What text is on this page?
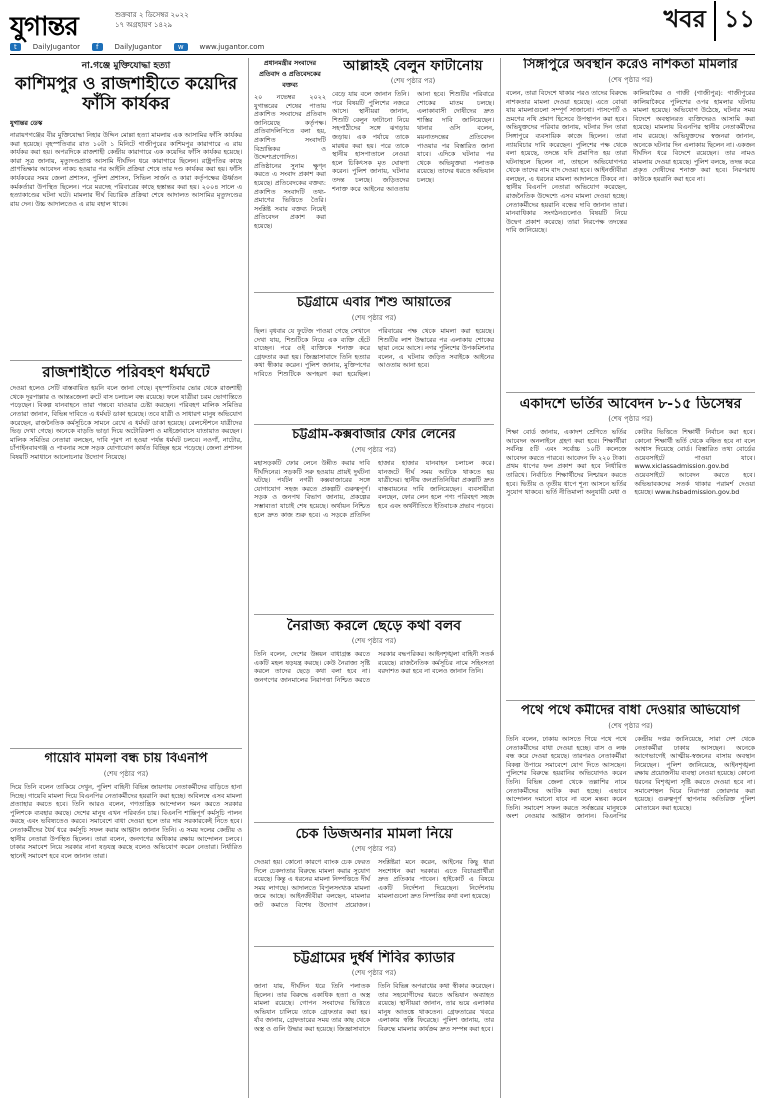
যুগান্তর	শুক্রবার ২ ডিসেম্বর ২০২২
১৭ অগ্রহায়ণ ১৪২৯	খবর ১১
t	DailyJugantor	f	DailyJugantor	w	www.jugantor.com
না.গঞ্জে মুক্তিযোদ্ধা হত্যা
কাশিমপুর ও রাজশাহীতে কয়েদির ফাঁসি কার্যকর
যুগান্তর ডেস্ক
নারায়ণগঞ্জের বীর মুক্তিযোদ্ধা নিহার উদ্দিন মোল্লা হত্যা মামলায় এক আসামির ফাঁসি কার্যকর করা হয়েছে। বৃহস্পতিবার রাত ১০টা ১ মিনিটে গাজীপুরের কাশিমপুর কারাগারে এ রায় কার্যকর করা হয়। অপরদিকে রাজশাহী কেন্দ্রীয় কারাগারে এক কয়েদির ফাঁসি কার্যকর হয়েছে। কারা সূত্র জানায়, মৃত্যুদণ্ডপ্রাপ্ত আসামি দীর্ঘদিন ধরে কারাগারে ছিলেন। রাষ্ট্রপতির কাছে প্রাণভিক্ষার আবেদন নাকচ হওয়ার পর আইনি প্রক্রিয়া শেষে তার দণ্ড কার্যকর করা হয়। ফাঁসি কার্যকরের সময় জেলা প্রশাসন, পুলিশ প্রশাসন, সিভিল সার্জন ও কারা কর্তৃপক্ষের ঊর্ধ্বতন কর্মকর্তারা উপস্থিত ছিলেন। পরে মরদেহ পরিবারের কাছে হস্তান্তর করা হয়। ২০০৪ সালে এ হত্যাকাণ্ডের ঘটনা ঘটে। মামলার দীর্ঘ বিচারিক প্রক্রিয়া শেষে আদালত আসামির মৃত্যুদণ্ডের রায় দেন। উচ্চ আদালতেও এ রায় বহাল থাকে।
রাজশাহীতে পরিবহণ ধর্মঘটে
দেওয়া হলেও সেটি বাস্তবায়িত হয়নি বলে জানা গেছে। বৃহস্পতিবার ভোর থেকে রাজশাহী থেকে দূরপাল্লার ও আন্তঃজেলা রুটে বাস চলাচল বন্ধ রয়েছে। ফলে যাত্রীরা চরম ভোগান্তিতে পড়েছেন। বিকল্প যানবাহনে তারা গন্তব্যে যাওয়ার চেষ্টা করছেন। পরিবহণ মালিক সমিতির নেতারা জানান, বিভিন্ন দাবিতে এ ধর্মঘট ডাকা হয়েছে। তবে যাত্রী ও সাধারণ মানুষ অভিযোগ করেছেন, রাজনৈতিক কর্মসূচিকে সামনে রেখে এ ধর্মঘট ডাকা হয়েছে। রেলস্টেশনে যাত্রীদের ভিড় দেখা গেছে। অনেকে বাড়তি ভাড়া দিয়ে অটোরিকশা ও মাইক্রোবাসে যাতায়াত করছেন। মালিক সমিতির নেতারা বলছেন, দাবি পূরণ না হওয়া পর্যন্ত ধর্মঘট চলবে। নওগাঁ, নাটোর, চাঁপাইনবাবগঞ্জ ও পাবনার সঙ্গে সড়ক যোগাযোগ কার্যত বিচ্ছিন্ন হয়ে পড়েছে। জেলা প্রশাসন বিষয়টি সমাধানে আলোচনার উদ্যোগ নিয়েছে।
গায়েবি মামলা বন্ধ চায় বিএনপি
(শেষ পৃষ্ঠার পর)
দিয়ে তিনি বলেন তাকিয়ে দেখুন, পুলিশ বাহিনী বিভিন্ন জায়গায় নেতাকর্মীদের বাড়িতে হানা দিচ্ছে। গায়েবি মামলা দিয়ে বিএনপির নেতাকর্মীদের হয়রানি করা হচ্ছে। অবিলম্বে এসব মামলা প্রত্যাহার করতে হবে। তিনি আরও বলেন, গণতান্ত্রিক আন্দোলন দমন করতে সরকার পুলিশকে ব্যবহার করছে। দেশের মানুষ এখন পরিবর্তন চায়। বিএনপি শান্তিপূর্ণ কর্মসূচি পালন করছে এবং ভবিষ্যতেও করবে। সমাবেশে বাধা দেওয়া হলে তার দায় সরকারকেই নিতে হবে। নেতাকর্মীদের ধৈর্য ধরে কর্মসূচি সফল করার আহ্বান জানান তিনি। এ সময় দলের কেন্দ্রীয় ও স্থানীয় নেতারা উপস্থিত ছিলেন। তারা বলেন, জনগণের অধিকার রক্ষায় আন্দোলন চলবে। ঢাকার সমাবেশ নিয়ে সরকার নানা ষড়যন্ত্র করছে বলেও অভিযোগ করেন নেতারা। নির্ধারিত স্থানেই সমাবেশ হবে বলে জানান তারা।
প্রধানমন্ত্রীর সংবাদের প্রতিবাদ ও প্রতিবেদকের বক্তব্য
২০ নভেম্বর ২০২২ যুগান্তরের শেষের পাতায় প্রকাশিত সংবাদের প্রতিবাদ জানিয়েছে কর্তৃপক্ষ। প্রতিবাদলিপিতে বলা হয়, প্রকাশিত সংবাদটি বিভ্রান্তিকর ও উদ্দেশ্যপ্রণোদিত। প্রতিষ্ঠানের সুনাম ক্ষুণ্ন করতে এ সংবাদ প্রকাশ করা হয়েছে। প্রতিবেদকের বক্তব্য: প্রকাশিত সংবাদটি তথ্য-প্রমাণের ভিত্তিতে তৈরি। সংশ্লিষ্ট সবার বক্তব্য নিয়েই প্রতিবেদন প্রকাশ করা হয়েছে।
আল্লাহই বেলুন ফাটানোয়
(শেষ পৃষ্ঠার পর)
বেড়ে যায় বলে জানান তিনি। পরে বিষয়টি পুলিশের নজরে আসে। স্থানীয়রা জানান, শিশুটি বেলুন ফাটানো নিয়ে সহপাঠীদের সঙ্গে ঝগড়ায় জড়ায়। এক পর্যায়ে তাকে মারধর করা হয়। পরে তাকে স্থানীয় হাসপাতালে নেওয়া হলে চিকিৎসক মৃত ঘোষণা করেন। পুলিশ জানায়, ঘটনার তদন্ত চলছে। জড়িতদের শনাক্ত করে আইনের আওতায় আনা হবে। শিশুটির পরিবারে শোকের মাতম চলছে। এলাকাবাসী দোষীদের দ্রুত শাস্তির দাবি জানিয়েছেন। থানার ওসি বলেন, ময়নাতদন্তের প্রতিবেদন পাওয়ার পর বিস্তারিত জানা যাবে। এদিকে ঘটনার পর থেকে অভিযুক্তরা পলাতক রয়েছে। তাদের ধরতে অভিযান চলছে।
চট্টগ্রামে এবার শিশু আয়াতের
(শেষ পৃষ্ঠার পর)
ছিল। বৃধবার যে ফুটেজ পাওয়া গেছে সেখানে দেখা যায়, শিশুটিকে নিয়ে এক ব্যক্তি হেঁটে যাচ্ছেন। পরে ওই ব্যক্তিকে শনাক্ত করে গ্রেফতার করা হয়। জিজ্ঞাসাবাদে তিনি হত্যার কথা স্বীকার করেন। পুলিশ জানায়, মুক্তিপণের দাবিতে শিশুটিকে অপহরণ করা হয়েছিল। পরিবারের পক্ষ থেকে মামলা করা হয়েছে। শিশুটির লাশ উদ্ধারের পর এলাকায় শোকের ছায়া নেমে আসে। নগর পুলিশের উপকমিশনার বলেন, এ ঘটনায় জড়িত সবাইকে আইনের আওতায় আনা হবে।
চট্টগ্রাম-কক্সবাজার ফোর লেনের
(শেষ পৃষ্ঠার পর)
মহাসড়কটি ফোর লেনে উন্নীত করার দাবি দীর্ঘদিনের। সড়কটি সরু হওয়ায় প্রায়ই দুর্ঘটনা ঘটছে। পর্যটন নগরী কক্সবাজারের সঙ্গে যোগাযোগ সহজ করতে প্রকল্পটি গুরুত্বপূর্ণ। সড়ক ও জনপথ বিভাগ জানায়, প্রকল্পের সম্ভাব্যতা যাচাই শেষ হয়েছে। অর্থায়ন নিশ্চিত হলে দ্রুত কাজ শুরু হবে। এ সড়কে প্রতিদিন হাজার হাজার যানবাহন চলাচল করে। যানজটে দীর্ঘ সময় আটকে থাকতে হয় যাত্রীদের। স্থানীয় জনপ্রতিনিধিরা প্রকল্পটি দ্রুত বাস্তবায়নের দাবি জানিয়েছেন। ব্যবসায়ীরা বলছেন, ফোর লেন হলে পণ্য পরিবহণ সহজ হবে এবং অর্থনীতিতে ইতিবাচক প্রভাব পড়বে।
নৈরাজ্য করলে ছেড়ে কথা বলব
(শেষ পৃষ্ঠার পর)
তিনি বলেন, দেশের উন্নয়ন বাধাগ্রস্ত করতে একটি মহল ষড়যন্ত্র করছে। কেউ নৈরাজ্য সৃষ্টি করলে তাদের ছেড়ে কথা বলা হবে না। জনগণের জানমালের নিরাপত্তা নিশ্চিত করতে সরকার বদ্ধপরিকর। আইনশৃঙ্খলা বাহিনী সতর্ক রয়েছে। রাজনৈতিক কর্মসূচির নামে সহিংসতা বরদাশত করা হবে না বলেও জানান তিনি।
চেক ডিজঅনার মামলা নিয়ে
(শেষ পৃষ্ঠার পর)
দেওয়া হয়। কোনো কারণে ব্যাংক চেক ফেরত দিলে চেকদাতার বিরুদ্ধে মামলা করার সুযোগ রয়েছে। কিন্তু এ ধরনের মামলা নিষ্পত্তিতে দীর্ঘ সময় লাগছে। আদালতে বিপুলসংখ্যক মামলা জমে আছে। আইনজীবীরা বলছেন, মামলার জট কমাতে বিশেষ উদ্যোগ প্রয়োজন। সংশ্লিষ্টরা মনে করেন, আইনের কিছু ধারা সংশোধন করা দরকার। এতে বিচারপ্রার্থীরা দ্রুত প্রতিকার পাবেন। হাইকোর্ট এ বিষয়ে একটি নির্দেশনা দিয়েছেন। নির্দেশনায় মামলাগুলো দ্রুত নিষ্পত্তির কথা বলা হয়েছে।
চট্টগ্রামের দুর্ধর্ষ শিবির ক্যাডার
(শেষ পৃষ্ঠার পর)
জানা যায়, দীর্ঘদিন ধরে তিনি পলাতক ছিলেন। তার বিরুদ্ধে একাধিক হত্যা ও অস্ত্র মামলা রয়েছে। গোপন সংবাদের ভিত্তিতে অভিযান চালিয়ে তাকে গ্রেফতার করা হয়। র্যাব জানায়, গ্রেফতারের সময় তার কাছ থেকে অস্ত্র ও গুলি উদ্ধার করা হয়েছে। জিজ্ঞাসাবাদে তিনি বিভিন্ন অপরাধের কথা স্বীকার করেছেন। তার সহযোগীদের ধরতে অভিযান অব্যাহত রয়েছে। স্থানীয়রা জানান, তার ভয়ে এলাকার মানুষ আতঙ্কে থাকতেন। গ্রেফতারের খবরে এলাকায় স্বস্তি ফিরেছে। পুলিশ জানায়, তার বিরুদ্ধে মামলার কার্যক্রম দ্রুত সম্পন্ন করা হবে।
সিঙ্গাপুরে অবস্থান করেও নাশকতা মামলার
(শেষ পৃষ্ঠার পর)
বলেন, তারা বিদেশে থাকার পরও তাদের বিরুদ্ধে নাশকতার মামলা দেওয়া হয়েছে। এতে বোঝা যায় মামলাগুলো সম্পূর্ণ সাজানো। পাসপোর্ট ও ভ্রমণের নথি প্রমাণ হিসেবে উপস্থাপন করা হবে। অভিযুক্তদের পরিবার জানায়, ঘটনার দিন তারা সিঙ্গাপুরে ব্যবসায়িক কাজে ছিলেন। তারা ন্যায়বিচার দাবি করেছেন। পুলিশের পক্ষ থেকে বলা হয়েছে, তদন্তে যদি প্রমাণিত হয় তারা ঘটনাস্থলে ছিলেন না, তাহলে অভিযোগপত্র থেকে তাদের নাম বাদ দেওয়া হবে। আইনজীবীরা বলছেন, এ ধরনের মামলা আদালতে টিকবে না। স্থানীয় বিএনপি নেতারা অভিযোগ করেছেন, রাজনৈতিক উদ্দেশ্যে এসব মামলা দেওয়া হচ্ছে। নেতাকর্মীদের হয়রানি বন্ধের দাবি জানান তারা। মানবাধিকার সংগঠনগুলোও বিষয়টি নিয়ে উদ্বেগ প্রকাশ করেছে। তারা নিরপেক্ষ তদন্তের দাবি জানিয়েছে।
কালিয়াকৈর ও গাজী (গাজীপুর): গাজীপুরের কালিয়াকৈরে পুলিশের ওপর হামলার ঘটনায় মামলা হয়েছে। অভিযোগ উঠেছে, ঘটনার সময় বিদেশে অবস্থানরত ব্যক্তিদেরও আসামি করা হয়েছে। মামলায় বিএনপির স্থানীয় নেতাকর্মীদের নাম রয়েছে। অভিযুক্তদের স্বজনরা জানান, অনেকে ঘটনার দিন এলাকায় ছিলেন না। একজন দীর্ঘদিন ধরে বিদেশে রয়েছেন। তার নামও মামলায় দেওয়া হয়েছে। পুলিশ বলছে, তদন্ত করে প্রকৃত দোষীদের শনাক্ত করা হবে। নিরপরাধ কাউকে হয়রানি করা হবে না।
একাদশে ভর্তির আবেদন ৮-১৫ ডিসেম্বর
(শেষ পৃষ্ঠার পর)
শিক্ষা বোর্ড জানায়, একাদশ শ্রেণিতে ভর্তির আবেদন অনলাইনে গ্রহণ করা হবে। শিক্ষার্থীরা সর্বনিম্ন ৫টি এবং সর্বোচ্চ ১০টি কলেজে আবেদন করতে পারবে। আবেদন ফি ২২০ টাকা। প্রথম ধাপের ফল প্রকাশ করা হবে নির্ধারিত তারিখে। নির্বাচিত শিক্ষার্থীদের নিশ্চায়ন করতে হবে। দ্বিতীয় ও তৃতীয় ধাপে শূন্য আসনে ভর্তির সুযোগ থাকবে। ভর্তি নীতিমালা অনুযায়ী মেধা ও কোটার ভিত্তিতে শিক্ষার্থী নির্বাচন করা হবে। কোনো শিক্ষার্থী ভর্তি থেকে বঞ্চিত হবে না বলে আশ্বাস দিয়েছে বোর্ড। বিস্তারিত তথ্য বোর্ডের ওয়েবসাইটে পাওয়া যাবে। www.xiclassadmission.gov.bd ওয়েবসাইটে আবেদন করতে হবে। অভিভাবকদের সতর্ক থাকার পরামর্শ দেওয়া হয়েছে। www.hsbadmission.gov.bd
পথে পথে কর্মীদের বাধা দেওয়ার অভিযোগ
(শেষ পৃষ্ঠার পর)
তিনি বলেন, ঢাকায় আসতে গিয়ে পথে পথে নেতাকর্মীদের বাধা দেওয়া হচ্ছে। বাস ও লঞ্চ বন্ধ করে দেওয়া হয়েছে। তারপরও নেতাকর্মীরা বিকল্প উপায়ে সমাবেশে যোগ দিতে আসছেন। পুলিশের বিরুদ্ধে হয়রানির অভিযোগও করেন তিনি। বিভিন্ন জেলা থেকে তল্লাশির নামে নেতাকর্মীদের আটক করা হচ্ছে। এভাবে আন্দোলন দমানো যাবে না বলে মন্তব্য করেন তিনি। সমাবেশ সফল করতে সর্বস্তরের মানুষকে অংশ নেওয়ার আহ্বান জানান। বিএনপির কেন্দ্রীয় দপ্তর জানিয়েছে, সারা দেশ থেকে নেতাকর্মীরা ঢাকায় আসছেন। অনেকে আগেভাগেই আত্মীয়-স্বজনের বাসায় অবস্থান নিয়েছেন। পুলিশ জানিয়েছে, আইনশৃঙ্খলা রক্ষায় প্রয়োজনীয় ব্যবস্থা নেওয়া হয়েছে। কোনো ধরনের বিশৃঙ্খলা সৃষ্টি করতে দেওয়া হবে না। সমাবেশস্থল ঘিরে নিরাপত্তা জোরদার করা হয়েছে। গুরুত্বপূর্ণ স্থাপনায় অতিরিক্ত পুলিশ মোতায়েন করা হয়েছে।
